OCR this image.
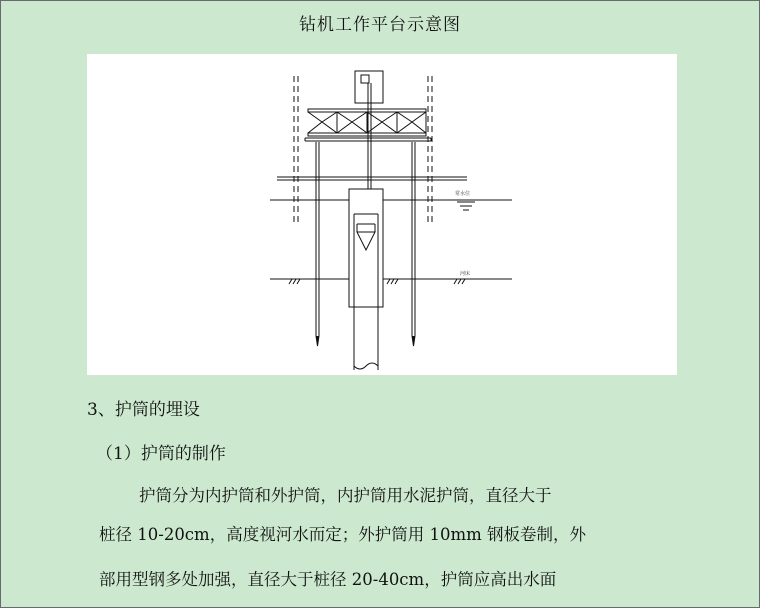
钻机工作平台示意图
常水位
河床
3、护筒的埋设
（1）护筒的制作
护筒分为内护筒和外护筒，内护筒用水泥护筒，直径大于
桩径 10-20cm，高度视河水而定；外护筒用 10mm 钢板卷制，外
部用型钢多处加强，直径大于桩径 20-40cm，护筒应高出水面
